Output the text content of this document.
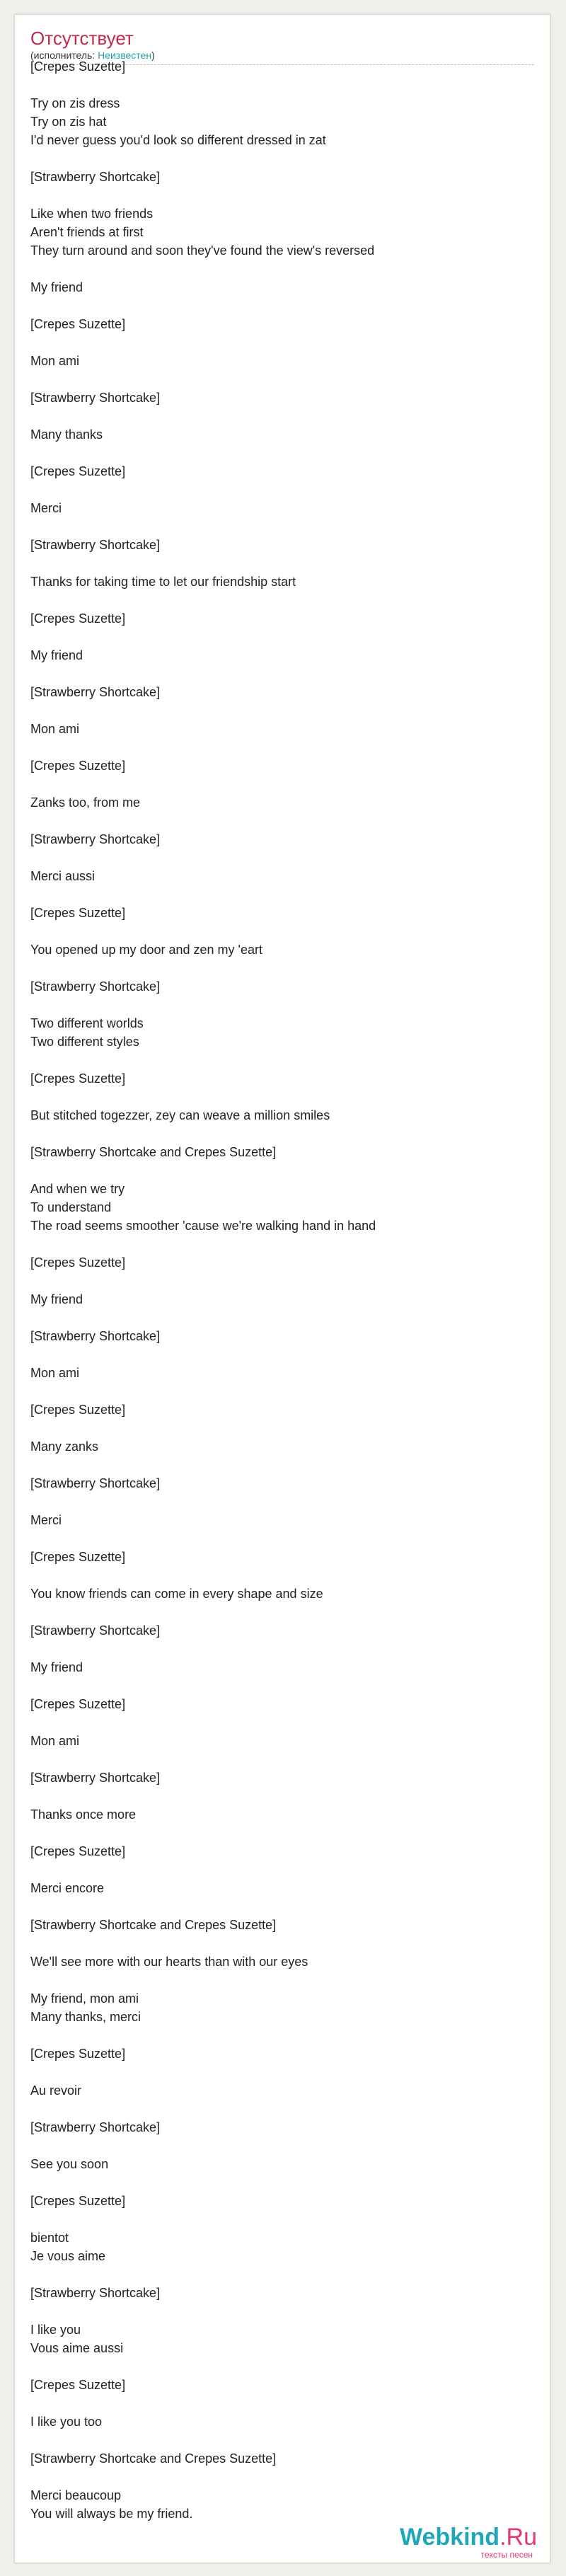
Отсутствует
(исполнитель: Неизвестен)
[Crepes Suzette]
Try on zis dress
Try on zis hat
I'd never guess you'd look so different dressed in zat
[Strawberry Shortcake]
Like when two friends
Aren't friends at first
They turn around and soon they've found the view's reversed
My friend
[Crepes Suzette]
Mon ami
[Strawberry Shortcake]
Many thanks
[Crepes Suzette]
Merci
[Strawberry Shortcake]
Thanks for taking time to let our friendship start
[Crepes Suzette]
My friend
[Strawberry Shortcake]
Mon ami
[Crepes Suzette]
Zanks too, from me
[Strawberry Shortcake]
Merci aussi
[Crepes Suzette]
You opened up my door and zen my 'eart
[Strawberry Shortcake]
Two different worlds
Two different styles
[Crepes Suzette]
But stitched togezzer, zey can weave a million smiles
[Strawberry Shortcake and Crepes Suzette]
And when we try
To understand
The road seems smoother 'cause we're walking hand in hand
[Crepes Suzette]
My friend
[Strawberry Shortcake]
Mon ami
[Crepes Suzette]
Many zanks
[Strawberry Shortcake]
Merci
[Crepes Suzette]
You know friends can come in every shape and size
[Strawberry Shortcake]
My friend
[Crepes Suzette]
Mon ami
[Strawberry Shortcake]
Thanks once more
[Crepes Suzette]
Merci encore
[Strawberry Shortcake and Crepes Suzette]
We'll see more with our hearts than with our eyes
My friend, mon ami
Many thanks, merci
[Crepes Suzette]
Au revoir
[Strawberry Shortcake]
See you soon
[Crepes Suzette]
bientot
Je vous aime
[Strawberry Shortcake]
I like you
Vous aime aussi
[Crepes Suzette]
I like you too
[Strawberry Shortcake and Crepes Suzette]
Merci beaucoup
You will always be my friend.
Webkind.Ru
тексты песен
